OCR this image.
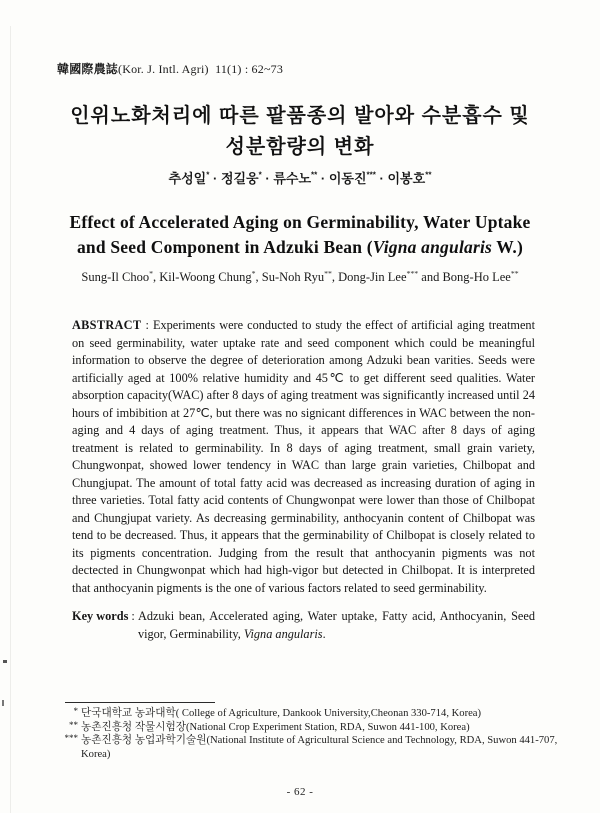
韓國際農誌(Kor. J. Intl. Agri)  11(1) : 62~73
인위노화처리에 따른 팥품종의 발아와 수분흡수 및
성분함량의 변화
추성일* · 정길웅* · 류수노** · 이동진*** · 이봉호**
Effect of Accelerated Aging on Germinability, Water Uptake
and Seed Component in Adzuki Bean (Vigna angularis W.)
Sung-Il Choo*, Kil-Woong Chung*, Su-Noh Ryu**, Dong-Jin Lee*** and Bong-Ho Lee**

ABSTRACT : Experiments were conducted to study the effect of artificial aging treatment on seed germinability, water uptake rate and seed component which could be meaningful information to observe the degree of deterioration among Adzuki bean varities. Seeds were artificially aged at 100% relative humidity and 45℃ to get different seed qualities. Water absorption capacity(WAC) after 8 days of aging treatment was significantly increased until 24 hours of imbibition at 27℃, but there was no signicant differences in WAC between the non-aging and 4 days of aging treatment. Thus, it appears that WAC after 8 days of aging treatment is related to germinability. In 8 days of aging treatment, small grain variety, Chungwonpat, showed lower tendency in WAC than large grain varieties, Chilbopat and Chungjupat. The amount of total fatty acid was decreased as increasing duration of aging in three varieties. Total fatty acid contents of Chungwonpat were lower than those of Chilbopat and Chungjupat variety. As decreasing germinability, anthocyanin content of Chilbopat was tend to be decreased. Thus, it appears that the germinability of Chilbopat is closely related to its pigments concentration. Judging from the result that anthocyanin pigments was not dectected in Chungwonpat which had high-vigor but detected in Chilbopat. It is interpreted that anthocyanin pigments is the one of various factors related to seed germinability.

Key words : Adzuki bean, Accelerated aging, Water uptake, Fatty acid, Anthocyanin, Seed vigor, Germinability, Vigna angularis.
* 단국대학교 농과대학( College of Agriculture, Dankook University,Cheonan 330-714, Korea)
** 농촌진흥청 작물시험장(National Crop Experiment Station, RDA, Suwon 441-100, Korea)
*** 농촌진흥청 농업과학기술원(National Institute of Agricultural Science and Technology, RDA, Suwon 441-707, Korea)
- 62 -
